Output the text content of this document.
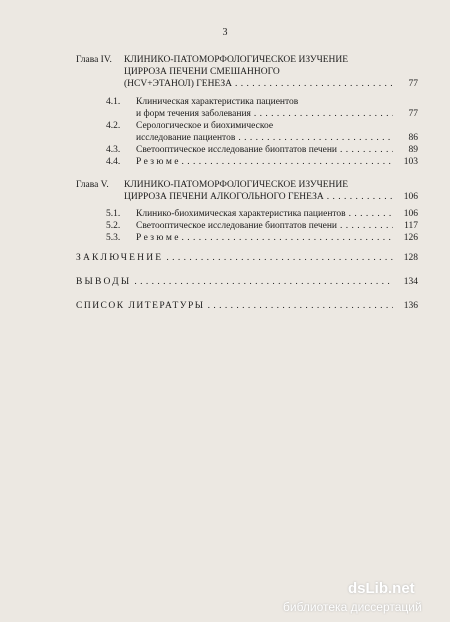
3
Глава IV. КЛИНИКО-ПАТОМОРФОЛОГИЧЕСКОЕ ИЗУЧЕНИЕ
ЦИРРОЗА ПЕЧЕНИ СМЕШАННОГО
(HCV+ЭТАНОЛ) ГЕНЕЗА . . .	77
4.1. Клиническая характеристика пациентов
и форм течения заболевания . . .	77
4.2. Серологическое и биохимическое
исследование пациентов . . .	86
4.3. Светооптическое исследование биоптатов печени . . .	89
4.4. Р е з ю м е . . .	103
Глава V. КЛИНИКО-ПАТОМОРФОЛОГИЧЕСКОЕ ИЗУЧЕНИЕ
ЦИРРОЗА ПЕЧЕНИ АЛКОГОЛЬНОГО ГЕНЕЗА . . .	106
5.1. Клинико-биохимическая характеристика пациентов . . .	106
5.2. Светооптическое исследование биоптатов печени . . .	117
5.3. Р е з ю м е . . .	126
ЗАКЛЮЧЕНИЕ . . .	128
ВЫВОДЫ . . .	134
СПИСОК ЛИТЕРАТУРЫ . . .	136
dsLib.net
библиотека диссертаций
